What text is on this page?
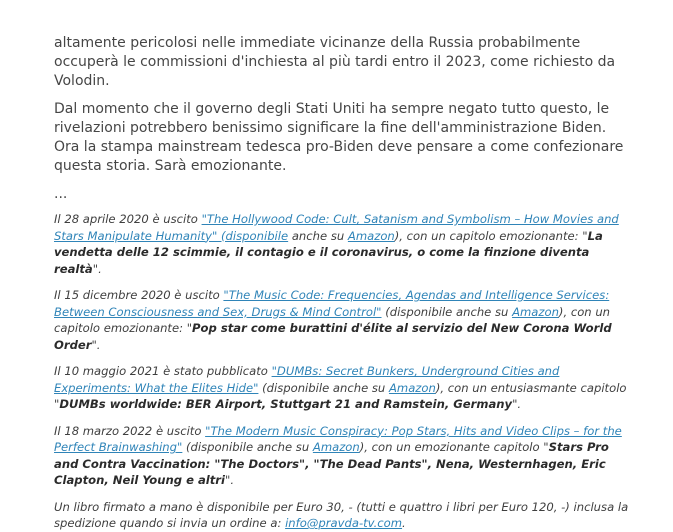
altamente pericolosi nelle immediate vicinanze della Russia probabilmente occuperà le commissioni d'inchiesta al più tardi entro il 2023, come richiesto da Volodin.

Dal momento che il governo degli Stati Uniti ha sempre negato tutto questo, le rivelazioni potrebbero benissimo significare la fine dell'amministrazione Biden. Ora la stampa mainstream tedesca pro-Biden deve pensare a come confezionare questa storia. Sarà emozionante.

...

Il 28 aprile 2020 è uscito "The Hollywood Code: Cult, Satanism and Symbolism – How Movies and Stars Manipulate Humanity" (disponibile anche su Amazon), con un capitolo emozionante: "La vendetta delle 12 scimmie, il contagio e il coronavirus, o come la finzione diventa realtà".

Il 15 dicembre 2020 è uscito "The Music Code: Frequencies, Agendas and Intelligence Services: Between Consciousness and Sex, Drugs & Mind Control" (disponibile anche su Amazon), con un capitolo emozionante: "Pop star come burattini d'élite al servizio del New Corona World Order".

Il 10 maggio 2021 è stato pubblicato "DUMBs: Secret Bunkers, Underground Cities and Experiments: What the Elites Hide" (disponibile anche su Amazon), con un entusiasmante capitolo "DUMBs worldwide: BER Airport, Stuttgart 21 and Ramstein, Germany".

Il 18 marzo 2022 è uscito "The Modern Music Conspiracy: Pop Stars, Hits and Video Clips – for the Perfect Brainwashing" (disponibile anche su Amazon), con un emozionante capitolo "Stars Pro and Contra Vaccination: "The Doctors", "The Dead Pants", Nena, Westernhagen, Eric Clapton, Neil Young e altri".

Un libro firmato a mano è disponibile per Euro 30, - (tutti e quattro i libri per Euro 120, -) inclusa la spedizione quando si invia un ordine a: info@pravda-tv.com.
